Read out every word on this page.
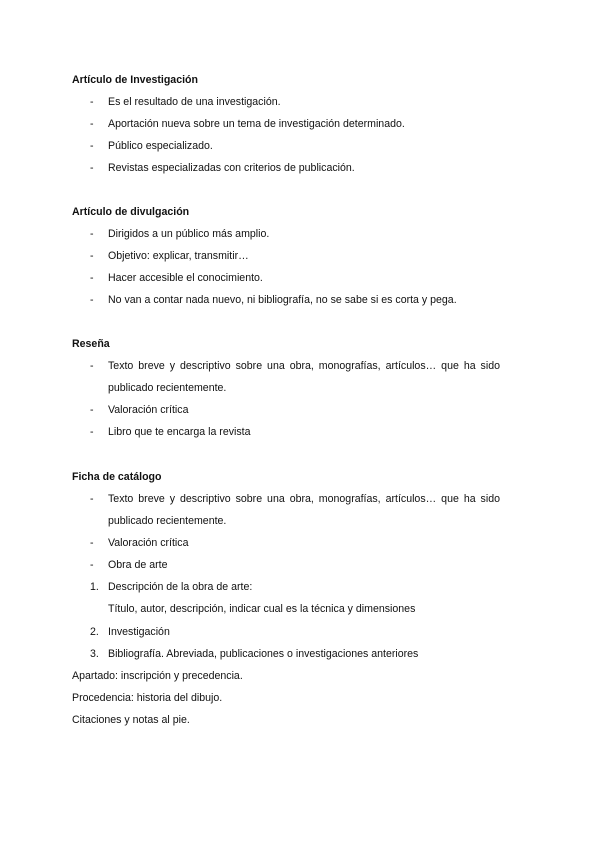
Artículo de Investigación
-	Es el resultado de una investigación.
-	Aportación nueva sobre un tema de investigación determinado.
-	Público especializado.
-	Revistas especializadas con criterios de publicación.
Artículo de divulgación
-	Dirigidos a un público más amplio.
-	Objetivo: explicar, transmitir…
-	Hacer accesible el conocimiento.
-	No van a contar nada nuevo, ni bibliografía, no se sabe si es corta y pega.
Reseña
-	Texto breve y descriptivo sobre una obra, monografías, artículos… que ha sido
publicado recientemente.
-	Valoración crítica
-	Libro que te encarga la revista
Ficha de catálogo
-	Texto breve y descriptivo sobre una obra, monografías, artículos… que ha sido
publicado recientemente.
-	Valoración crítica
-	Obra de arte
1. Descripción de la obra de arte:
Título, autor, descripción, indicar cual es la técnica y dimensiones
2. Investigación
3. Bibliografía. Abreviada, publicaciones o investigaciones anteriores
Apartado: inscripción y precedencia.
Procedencia: historia del dibujo.
Citaciones y notas al pie.
